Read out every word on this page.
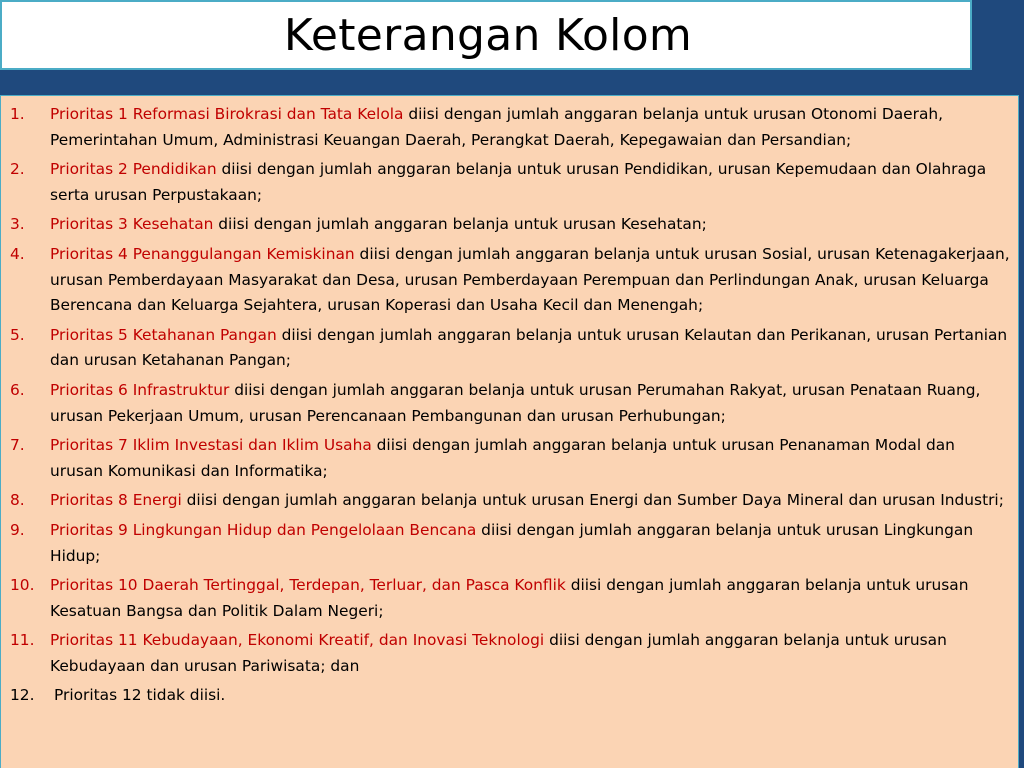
Keterangan Kolom
1. Prioritas 1 Reformasi Birokrasi dan Tata Kelola diisi dengan jumlah anggaran belanja untuk urusan Otonomi Daerah, Pemerintahan Umum, Administrasi Keuangan Daerah, Perangkat Daerah, Kepegawaian dan Persandian;
2. Prioritas 2 Pendidikan diisi dengan jumlah anggaran belanja untuk urusan Pendidikan, urusan Kepemudaan dan Olahraga serta urusan Perpustakaan;
3. Prioritas 3 Kesehatan diisi dengan jumlah anggaran belanja untuk urusan Kesehatan;
4. Prioritas 4 Penanggulangan Kemiskinan diisi dengan jumlah anggaran belanja untuk urusan Sosial, urusan Ketenagakerjaan, urusan Pemberdayaan Masyarakat dan Desa, urusan Pemberdayaan Perempuan dan Perlindungan Anak, urusan Keluarga Berencana dan Keluarga Sejahtera, urusan Koperasi dan Usaha Kecil dan Menengah;
5. Prioritas 5 Ketahanan Pangan diisi dengan jumlah anggaran belanja untuk urusan Kelautan dan Perikanan, urusan Pertanian dan urusan Ketahanan Pangan;
6. Prioritas 6 Infrastruktur diisi dengan jumlah anggaran belanja untuk urusan Perumahan Rakyat, urusan Penataan Ruang, urusan Pekerjaan Umum, urusan Perencanaan Pembangunan dan urusan Perhubungan;
7. Prioritas 7 Iklim Investasi dan Iklim Usaha diisi dengan jumlah anggaran belanja untuk urusan Penanaman Modal dan urusan Komunikasi dan Informatika;
8. Prioritas 8 Energi diisi dengan jumlah anggaran belanja untuk urusan Energi dan Sumber Daya Mineral dan urusan Industri;
9. Prioritas 9 Lingkungan Hidup dan Pengelolaan Bencana diisi dengan jumlah anggaran belanja untuk urusan Lingkungan Hidup;
10. Prioritas 10 Daerah Tertinggal, Terdepan, Terluar, dan Pasca Konflik diisi dengan jumlah anggaran belanja untuk urusan Kesatuan Bangsa dan Politik Dalam Negeri;
11. Prioritas 11 Kebudayaan, Ekonomi Kreatif, dan Inovasi Teknologi diisi dengan jumlah anggaran belanja untuk urusan Kebudayaan dan urusan Pariwisata; dan
12. Prioritas 12 tidak diisi.
